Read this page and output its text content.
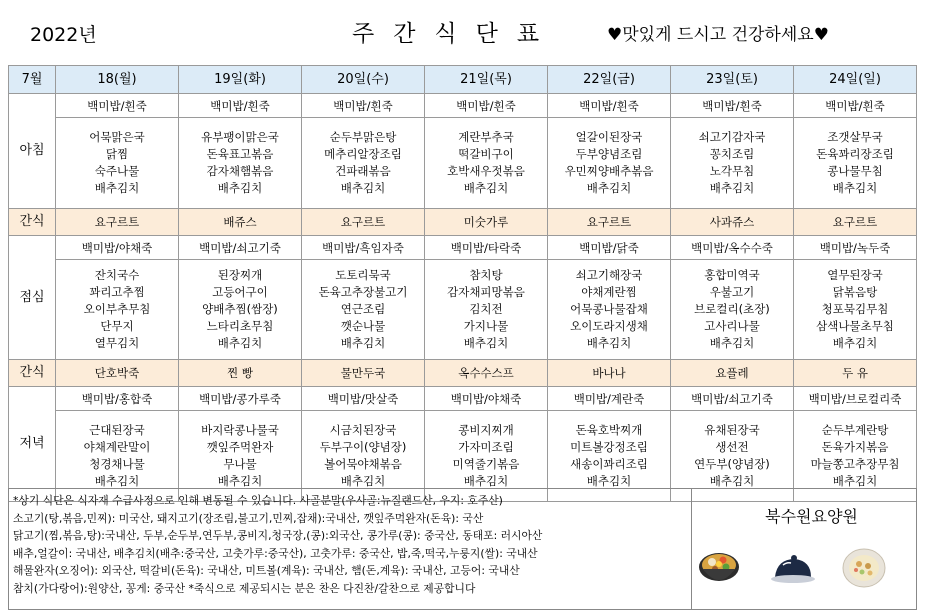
2022년	주간식단표	♥맛있게 드시고 건강하세요♥
7월	18(월)	19일(화)	20일(수)	21일(목)	22일(금)	23일(토)	24일(일)
아침	백미밥/흰죽	백미밥/흰죽	백미밥/흰죽	백미밥/흰죽	백미밥/흰죽	백미밥/흰죽	백미밥/흰죽

	어묵맑은국
닭찜
숙주나물
배추김치	유부팽이맑은국
돈육표고볶음
감자채햄볶음
배추김치	순두부맑은탕
메추리알장조림
건파래볶음
배추김치	계란부추국
떡갈비구이
호박새우젓볶음
배추김치	얼갈이된장국
두부양념조림
우민찌양배추볶음
배추김치	쇠고기감자국
꽁치조림
노각무침
배추김치	조갯살무국
돈육꽈리장조림
콩나물무침
배추김치

간식	요구르트	배쥬스	요구르트	미숫가루	요구르트	사과쥬스	요구르트
점심	백미밥/야채죽	백미밥/쇠고기죽	백미밥/흑임자죽	백미밥/타락죽	백미밥/닭죽	백미밥/옥수수죽	백미밥/녹두죽

	잔치국수
꽈리고추찜
오이부추무침
단무지
열무김치	된장찌개
고등어구이
양배추찜(쌈장)
느타리초무침
배추김치	도토리묵국
돈육고추장불고기
연근조림
깻순나물
배추김치	참치탕
감자채피망볶음
김치전
가지나물
배추김치	쇠고기해장국
야채계란찜
어묵콩나물잡채
오이도라지생채
배추김치	홍합미역국
우불고기
브로컬리(초장)
고사리나물
배추김치	열무된장국
닭볶음탕
청포묵김무침
삼색나물초무침
배추김치

간식	단호박죽	찐 빵	물만두국	옥수수스프	바나나	요플레	두 유
저녁	백미밥/홍합죽	백미밥/콩가루죽	백미밥/맛살죽	백미밥/야채죽	백미밥/계란죽	백미밥/쇠고기죽	백미밥/브로컬리죽

	근대된장국
야채계란말이
청경채나물
배추김치	바지락콩나물국
깻잎주먹완자
무나물
배추김치	시금치된장국
두부구이(양념장)
볼어묵야채볶음
배추김치	콩비지찌개
가자미조림
미역줄기볶음
배추김치	돈육호박찌개
미트볼강정조림
새송이꽈리조림
배추김치	유채된장국
생선전
연두부(양념장)
배추김치	순두부계란탕
돈육가지볶음
마늘쫑고추장무침
배추김치
*상기 식단은 식자재 수급사정으로 인해 변동될 수 있습니다. 사골분말(우사골:뉴질랜드산, 우지: 호주산)
소고기(탕,볶음,민찌): 미국산, 돼지고기(장조림,불고기,민찌,잡채):국내산, 깻잎주먹완자(돈육): 국산
닭고기(찜,볶음,탕):국내산, 두부,순두부,연두부,콩비지,청국장,(콩):외국산, 콩가루(콩): 중국산, 동태포: 러시아산
배추,얼갈이: 국내산, 배추김치(배추:중국산, 고춧가루:중국산), 고춧가루: 중국산, 밥,죽,떡국,누룽지(쌀): 국내산
해물완자(오징어): 외국산, 떡갈비(돈육): 국내산, 미트볼(계육): 국내산, 햄(돈,계육): 국내산, 고등어: 국내산
참치(가다랑어):원양산, 꽁게: 중국산 *죽식으로 제공되시는 분은 찬은 다진찬/갈찬으로 제공합니다
북수원요양원
